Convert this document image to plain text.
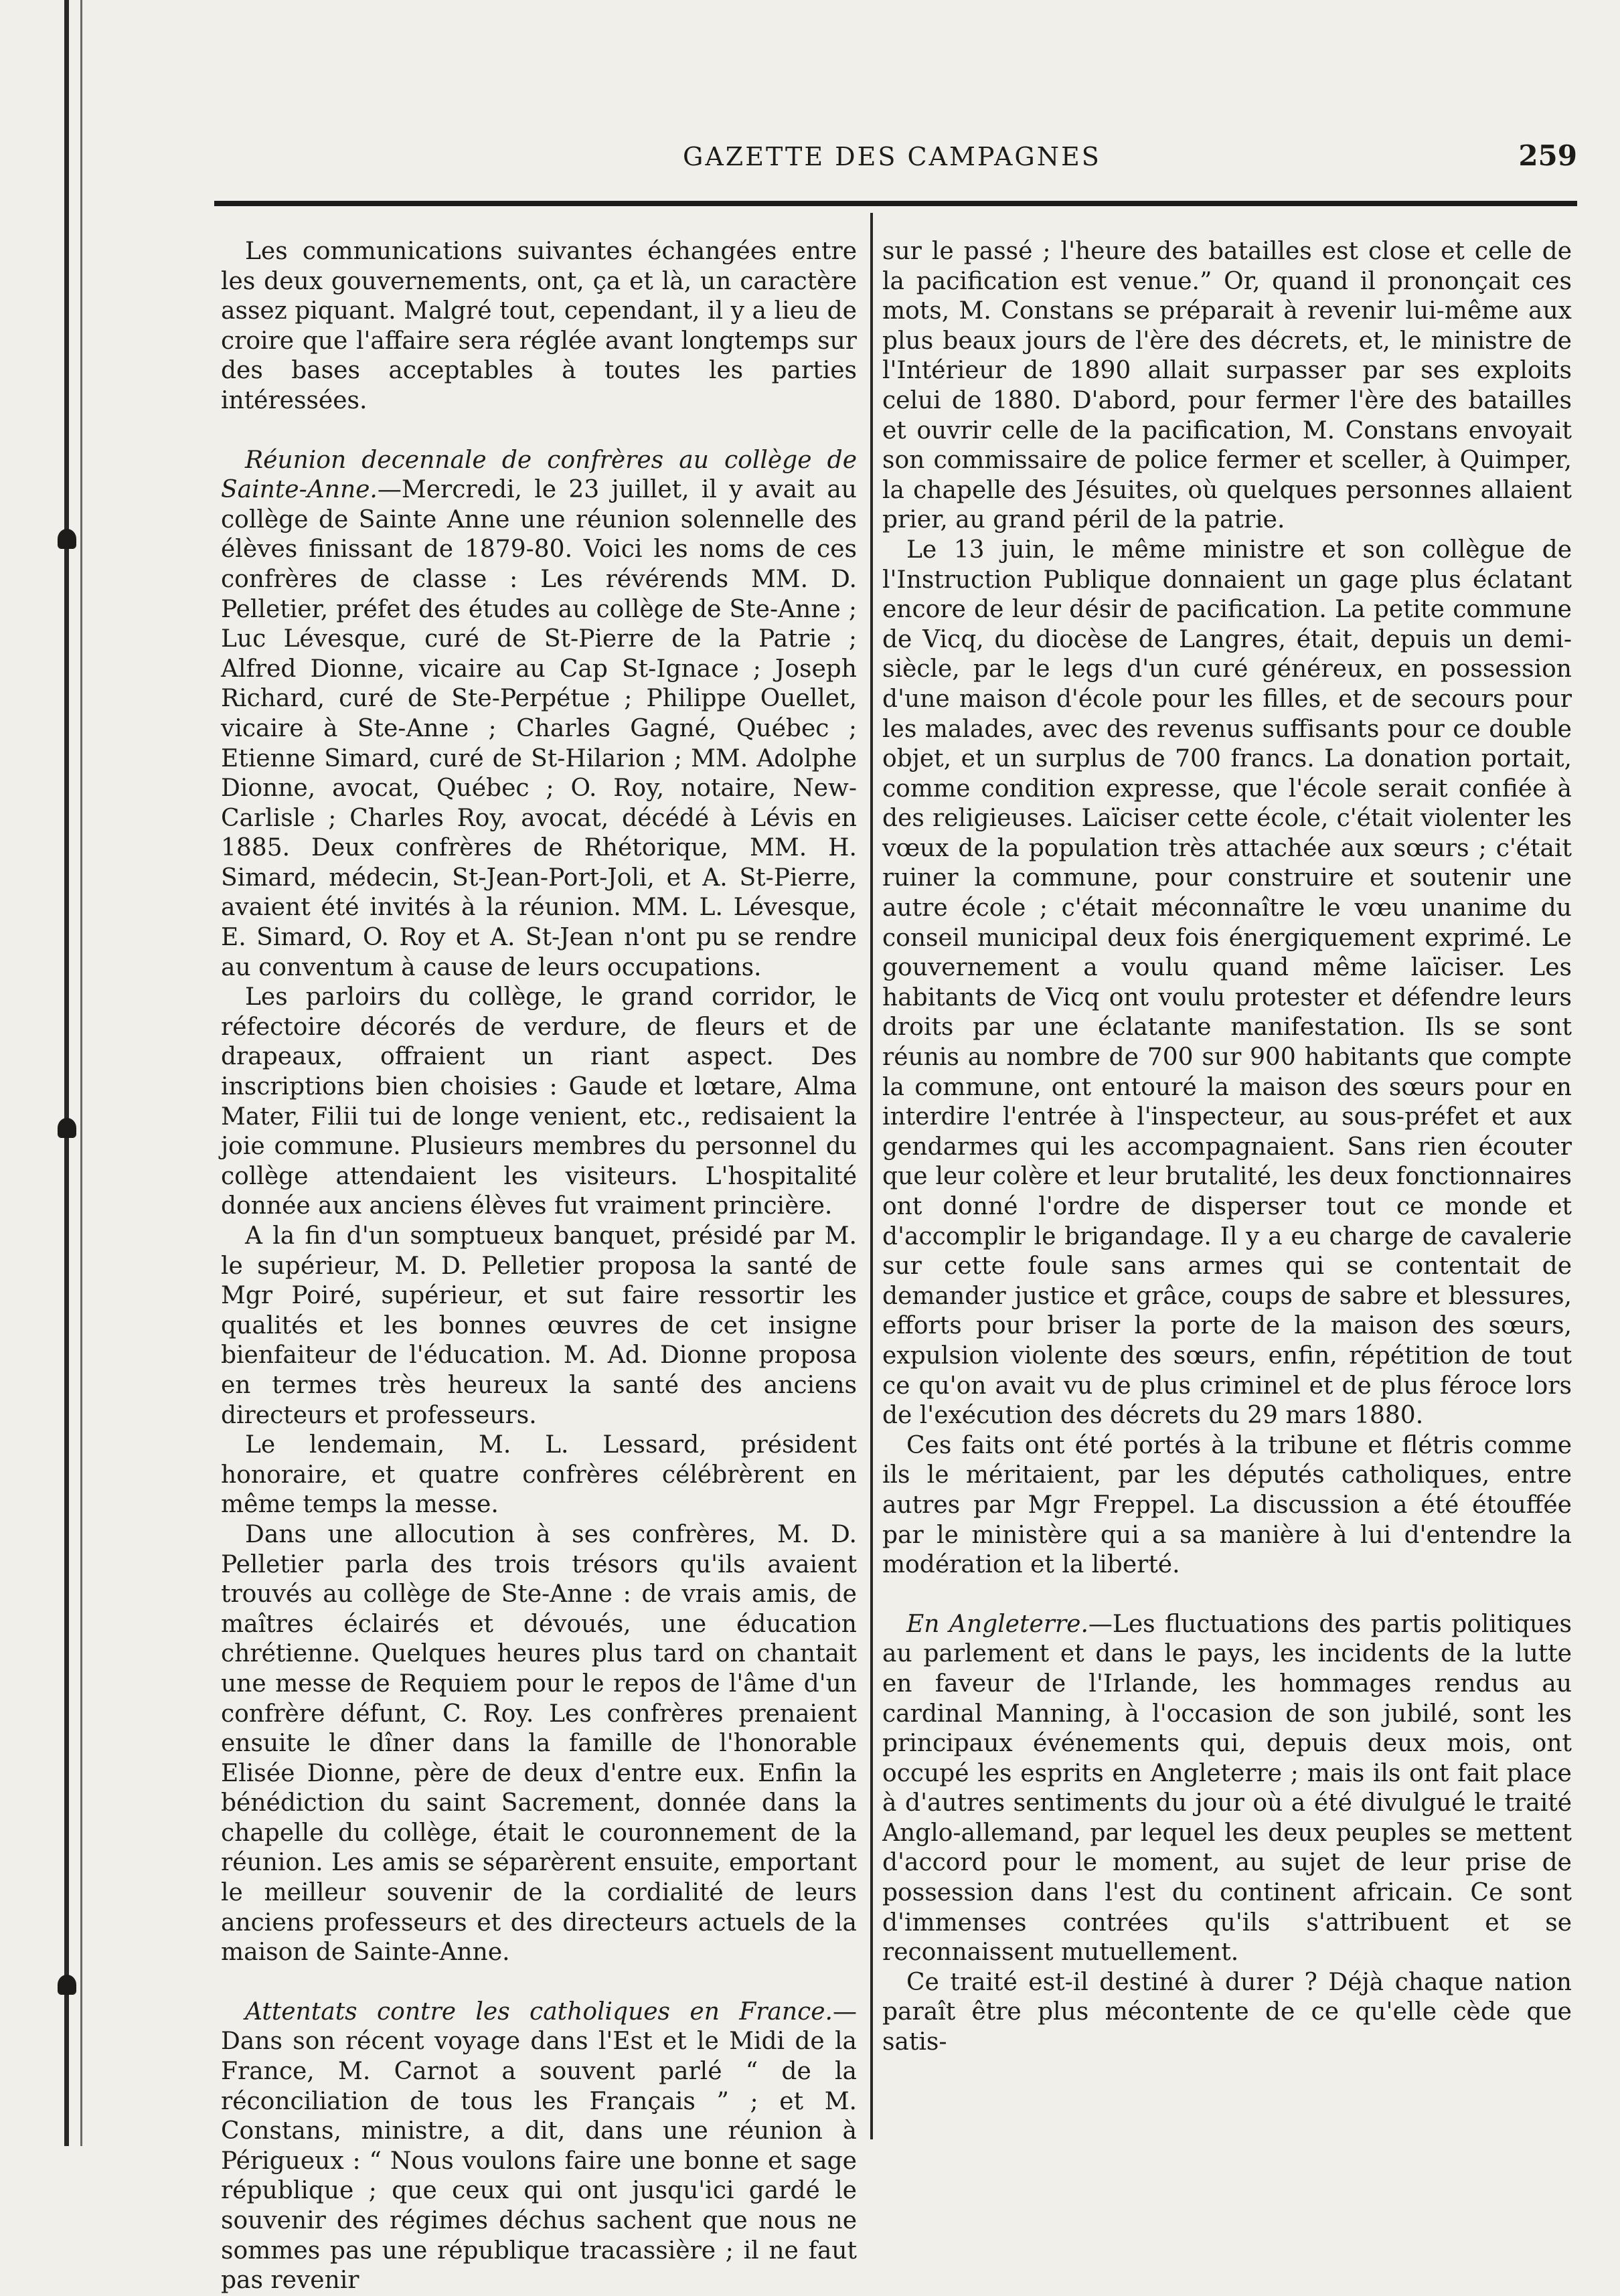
GAZETTE DES CAMPAGNES	259

Les communications suivantes échangées entre les deux gouvernements, ont, ça et là, un caractère assez piquant. Malgré tout, cependant, il y a lieu de croire que l'affaire sera réglée avant longtemps sur des bases acceptables à toutes les parties intéressées.

Réunion decennale de confrères au collège de Sainte-Anne.—Mercredi, le 23 juillet, il y avait au collège de Sainte Anne une réunion solennelle des élèves finissant de 1879-80. Voici les noms de ces confrères de classe : Les révérends MM. D. Pelletier, préfet des études au collège de Ste-Anne ; Luc Lévesque, curé de St-Pierre de la Patrie ; Alfred Dionne, vicaire au Cap St-Ignace ; Joseph Richard, curé de Ste-Perpétue ; Philippe Ouellet, vicaire à Ste-Anne ; Charles Gagné, Québec ; Etienne Simard, curé de St-Hilarion ; MM. Adolphe Dionne, avocat, Québec ; O. Roy, notaire, New-Carlisle ; Charles Roy, avocat, décédé à Lévis en 1885. Deux confrères de Rhétorique, MM. H. Simard, médecin, St-Jean-Port-Joli, et A. St-Pierre, avaient été invités à la réunion. MM. L. Lévesque, E. Simard, O. Roy et A. St-Jean n'ont pu se rendre au conventum à cause de leurs occupations.

Les parloirs du collège, le grand corridor, le réfectoire décorés de verdure, de fleurs et de drapeaux, offraient un riant aspect. Des inscriptions bien choisies : Gaude et lœtare, Alma Mater, Filii tui de longe venient, etc., redisaient la joie commune. Plusieurs membres du personnel du collège attendaient les visiteurs. L'hospitalité donnée aux anciens élèves fut vraiment princière.

A la fin d'un somptueux banquet, présidé par M. le supérieur, M. D. Pelletier proposa la santé de Mgr Poiré, supérieur, et sut faire ressortir les qualités et les bonnes œuvres de cet insigne bienfaiteur de l'éducation. M. Ad. Dionne proposa en termes très heureux la santé des anciens directeurs et professeurs.

Le lendemain, M. L. Lessard, président honoraire, et quatre confrères célébrèrent en même temps la messe.

Dans une allocution à ses confrères, M. D. Pelletier parla des trois trésors qu'ils avaient trouvés au collège de Ste-Anne : de vrais amis, de maîtres éclairés et dévoués, une éducation chrétienne. Quelques heures plus tard on chantait une messe de Requiem pour le repos de l'âme d'un confrère défunt, C. Roy. Les confrères prenaient ensuite le dîner dans la famille de l'honorable Elisée Dionne, père de deux d'entre eux. Enfin la bénédiction du saint Sacrement, donnée dans la chapelle du collège, était le couronnement de la réunion. Les amis se séparèrent ensuite, emportant le meilleur souvenir de la cordialité de leurs anciens professeurs et des directeurs actuels de la maison de Sainte-Anne.

Attentats contre les catholiques en France.—Dans son récent voyage dans l'Est et le Midi de la France, M. Carnot a souvent parlé “ de la réconciliation de tous les Français ” ; et M. Constans, ministre, a dit, dans une réunion à Périgueux : “ Nous voulons faire une bonne et sage république ; que ceux qui ont jusqu'ici gardé le souvenir des régimes déchus sachent que nous ne sommes pas une république tracassière ; il ne faut pas revenir

sur le passé ; l'heure des batailles est close et celle de la pacification est venue.” Or, quand il prononçait ces mots, M. Constans se préparait à revenir lui-même aux plus beaux jours de l'ère des décrets, et, le ministre de l'Intérieur de 1890 allait surpasser par ses exploits celui de 1880. D'abord, pour fermer l'ère des batailles et ouvrir celle de la pacification, M. Constans envoyait son commissaire de police fermer et sceller, à Quimper, la chapelle des Jésuites, où quelques personnes allaient prier, au grand péril de la patrie.

Le 13 juin, le même ministre et son collègue de l'Instruction Publique donnaient un gage plus éclatant encore de leur désir de pacification. La petite commune de Vicq, du diocèse de Langres, était, depuis un demi-siècle, par le legs d'un curé généreux, en possession d'une maison d'école pour les filles, et de secours pour les malades, avec des revenus suffisants pour ce double objet, et un surplus de 700 francs. La donation portait, comme condition expresse, que l'école serait confiée à des religieuses. Laïciser cette école, c'était violenter les vœux de la population très attachée aux sœurs ; c'était ruiner la commune, pour construire et soutenir une autre école ; c'était méconnaître le vœu unanime du conseil municipal deux fois énergiquement exprimé. Le gouvernement a voulu quand même laïciser. Les habitants de Vicq ont voulu protester et défendre leurs droits par une éclatante manifestation. Ils se sont réunis au nombre de 700 sur 900 habitants que compte la commune, ont entouré la maison des sœurs pour en interdire l'entrée à l'inspecteur, au sous-préfet et aux gendarmes qui les accompagnaient. Sans rien écouter que leur colère et leur brutalité, les deux fonctionnaires ont donné l'ordre de disperser tout ce monde et d'accomplir le brigandage. Il y a eu charge de cavalerie sur cette foule sans armes qui se contentait de demander justice et grâce, coups de sabre et blessures, efforts pour briser la porte de la maison des sœurs, expulsion violente des sœurs, enfin, répétition de tout ce qu'on avait vu de plus criminel et de plus féroce lors de l'exécution des décrets du 29 mars 1880.

Ces faits ont été portés à la tribune et flétris comme ils le méritaient, par les députés catholiques, entre autres par Mgr Freppel. La discussion a été étouffée par le ministère qui a sa manière à lui d'entendre la modération et la liberté.

En Angleterre.—Les fluctuations des partis politiques au parlement et dans le pays, les incidents de la lutte en faveur de l'Irlande, les hommages rendus au cardinal Manning, à l'occasion de son jubilé, sont les principaux événements qui, depuis deux mois, ont occupé les esprits en Angleterre ; mais ils ont fait place à d'autres sentiments du jour où a été divulgué le traité Anglo-allemand, par lequel les deux peuples se mettent d'accord pour le moment, au sujet de leur prise de possession dans l'est du continent africain. Ce sont d'immenses contrées qu'ils s'attribuent et se reconnaissent mutuellement.

Ce traité est-il destiné à durer ? Déjà chaque nation paraît être plus mécontente de ce qu'elle cède que satis-
